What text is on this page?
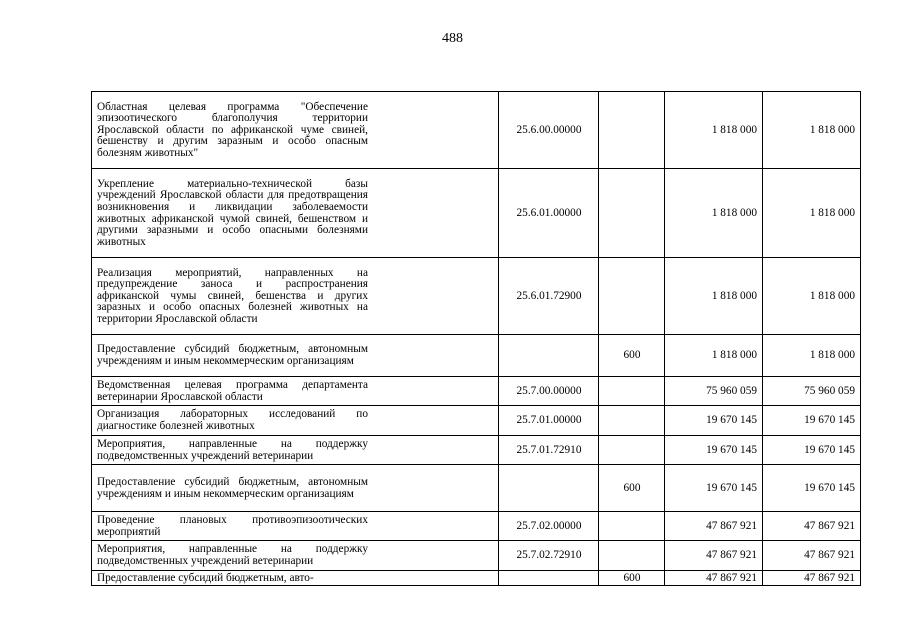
488
Областная целевая программа "Обеспечение эпизоотического благополучия территории Ярославской области по африканской чуме свиней, бешенству и другим заразным и особо опасным болезням животных"	25.6.00.00000		1 818 000	1 818 000
Укрепление материально-технической базы учреждений Ярославской области для предотвращения возникновения и ликвидации заболеваемости животных африканской чумой свиней, бешенством и другими заразными и особо опасными болезнями животных	25.6.01.00000		1 818 000	1 818 000
Реализация мероприятий, направленных на предупреждение заноса и распространения африканской чумы свиней, бешенства и других заразных и особо опасных болезней животных на территории Ярославской области	25.6.01.72900		1 818 000	1 818 000
Предоставление субсидий бюджетным, автономным учреждениям и иным некоммерческим организациям		600	1 818 000	1 818 000
Ведомственная целевая программа департамента ветеринарии Ярославской области	25.7.00.00000		75 960 059	75 960 059
Организация лабораторных исследований по диагностике болезней животных	25.7.01.00000		19 670 145	19 670 145
Мероприятия, направленные на поддержку подведомственных учреждений ветеринарии	25.7.01.72910		19 670 145	19 670 145
Предоставление субсидий бюджетным, автономным учреждениям и иным некоммерческим организациям		600	19 670 145	19 670 145
Проведение плановых противоэпизоотических мероприятий	25.7.02.00000		47 867 921	47 867 921
Мероприятия, направленные на поддержку подведомственных учреждений ветеринарии	25.7.02.72910		47 867 921	47 867 921
Предоставление субсидий бюджетным, авто-		600	47 867 921	47 867 921
